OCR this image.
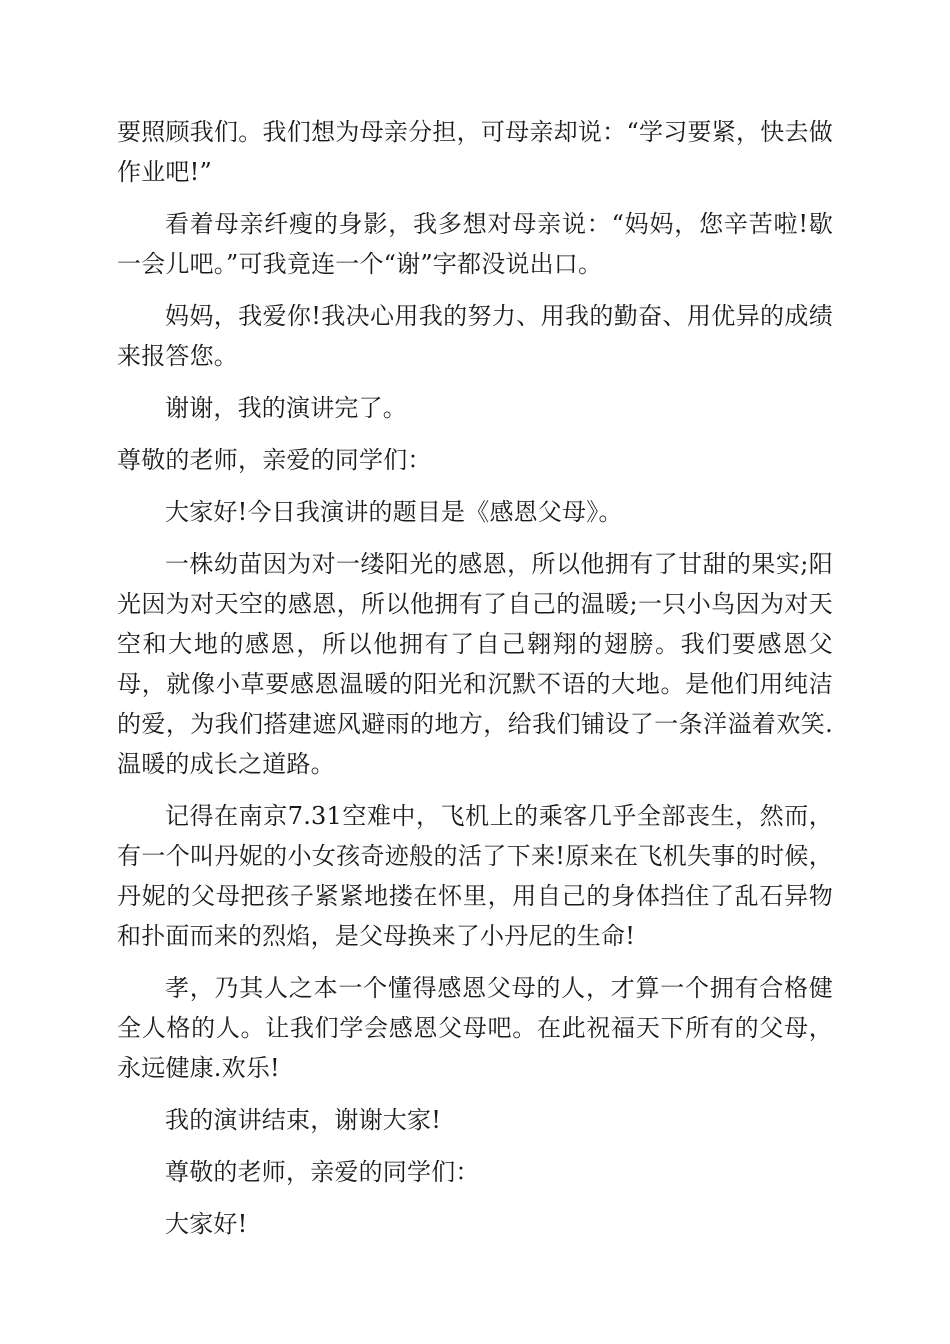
要照顾我们。我们想为母亲分担，可母亲却说：“学习要紧，快去做作业吧!”

看着母亲纤瘦的身影，我多想对母亲说：“妈妈，您辛苦啦!歇一会儿吧。”可我竟连一个“谢”字都没说出口。

妈妈，我爱你!我决心用我的努力、用我的勤奋、用优异的成绩来报答您。

谢谢，我的演讲完了。

尊敬的老师，亲爱的同学们：

大家好!今日我演讲的题目是《感恩父母》。

一株幼苗因为对一缕阳光的感恩，所以他拥有了甘甜的果实;阳光因为对天空的感恩，所以他拥有了自己的温暖;一只小鸟因为对天空和大地的感恩，所以他拥有了自己翱翔的翅膀。我们要感恩父母，就像小草要感恩温暖的阳光和沉默不语的大地。是他们用纯洁的爱，为我们搭建遮风避雨的地方，给我们铺设了一条洋溢着欢笑.温暖的成长之道路。

记得在南京7.31空难中，飞机上的乘客几乎全部丧生，然而，有一个叫丹妮的小女孩奇迹般的活了下来!原来在飞机失事的时候，丹妮的父母把孩子紧紧地搂在怀里，用自己的身体挡住了乱石异物和扑面而来的烈焰，是父母换来了小丹尼的生命!

孝，乃其人之本一个懂得感恩父母的人，才算一个拥有合格健全人格的人。让我们学会感恩父母吧。在此祝福天下所有的父母，永远健康.欢乐!

我的演讲结束，谢谢大家!

尊敬的老师，亲爱的同学们：

大家好!
